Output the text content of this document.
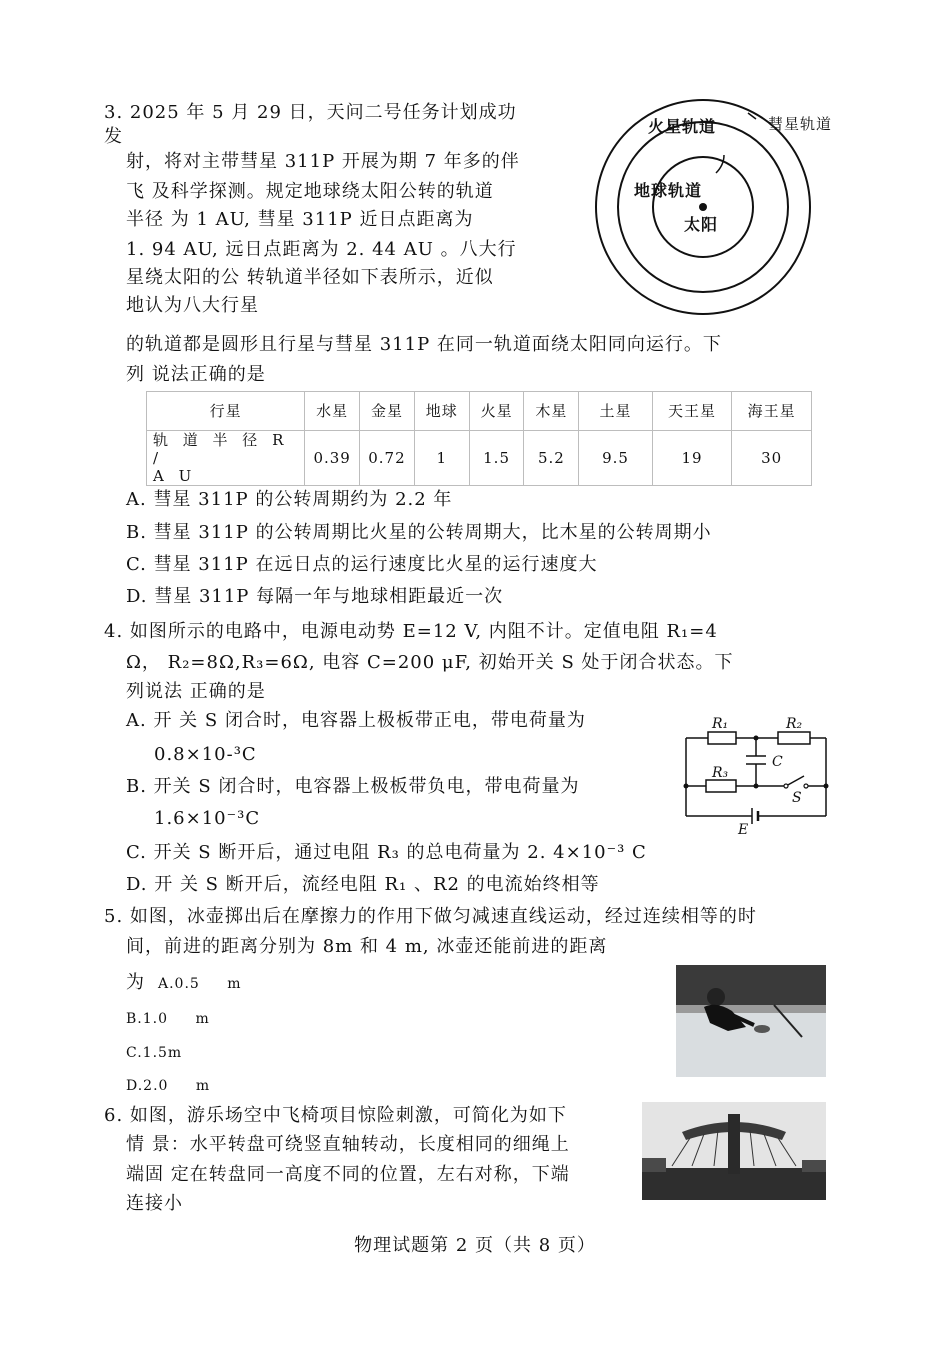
3. 2025 年 5 月 29 日，天问二号任务计划成功
发
射，将对主带彗星 311P 开展为期 7 年多的伴
飞 及科学探测。规定地球绕太阳公转的轨道
半径 为 1 AU, 彗星 311P 近日点距离为
1. 94 AU, 远日点距离为 2. 44 AU 。八大行
星绕太阳的公 转轨道半径如下表所示，近似
地认为八大行星
火星轨道	彗星轨道
地球轨道
太阳
的轨道都是圆形且行星与彗星 311P 在同一轨道面绕太阳同向运行。下
列 说法正确的是
行星	水星	金星	地球	火星	木星	土星	天王星	海王星
轨 道 半 径 R /
A U	0.39	0.72	1	1.5	5.2	9.5	19	30
A. 彗星 311P 的公转周期约为 2.2 年
B. 彗星 311P 的公转周期比火星的公转周期大，比木星的公转周期小
C. 彗星 311P 在远日点的运行速度比火星的运行速度大
D. 彗星 311P 每隔一年与地球相距最近一次
4. 如图所示的电路中，电源电动势 E=12 V, 内阻不计。定值电阻 R₁=4
Ω， R₂=8Ω,R₃=6Ω, 电容 C=200 μF, 初始开关 S 处于闭合状态。下
列说法 正确的是
A. 开 关 S 闭合时，电容器上极板带正电，带电荷量为
0.8×10-³C
B. 开关 S 闭合时，电容器上极板带负电，带电荷量为
1.6×10⁻³C
C. 开关 S 断开后，通过电阻 R₃ 的总电荷量为 2. 4×10⁻³ C
D. 开 关 S 断开后，流经电阻 R₁ 、R2 的电流始终相等
R₁	R₂
C
R₃
S
E
5. 如图，冰壶掷出后在摩擦力的作用下做匀减速直线运动，经过连续相等的时
间，前进的距离分别为 8m 和 4 m, 冰壶还能前进的距离
为 A.0.5 m
B.1.0 m
C.1.5m
D.2.0 m
6. 如图，游乐场空中飞椅项目惊险刺激，可简化为如下
情 景：水平转盘可绕竖直轴转动，长度相同的细绳上
端固 定在转盘同一高度不同的位置，左右对称，下端
连接小
物理试题第 2 页（共 8 页）
